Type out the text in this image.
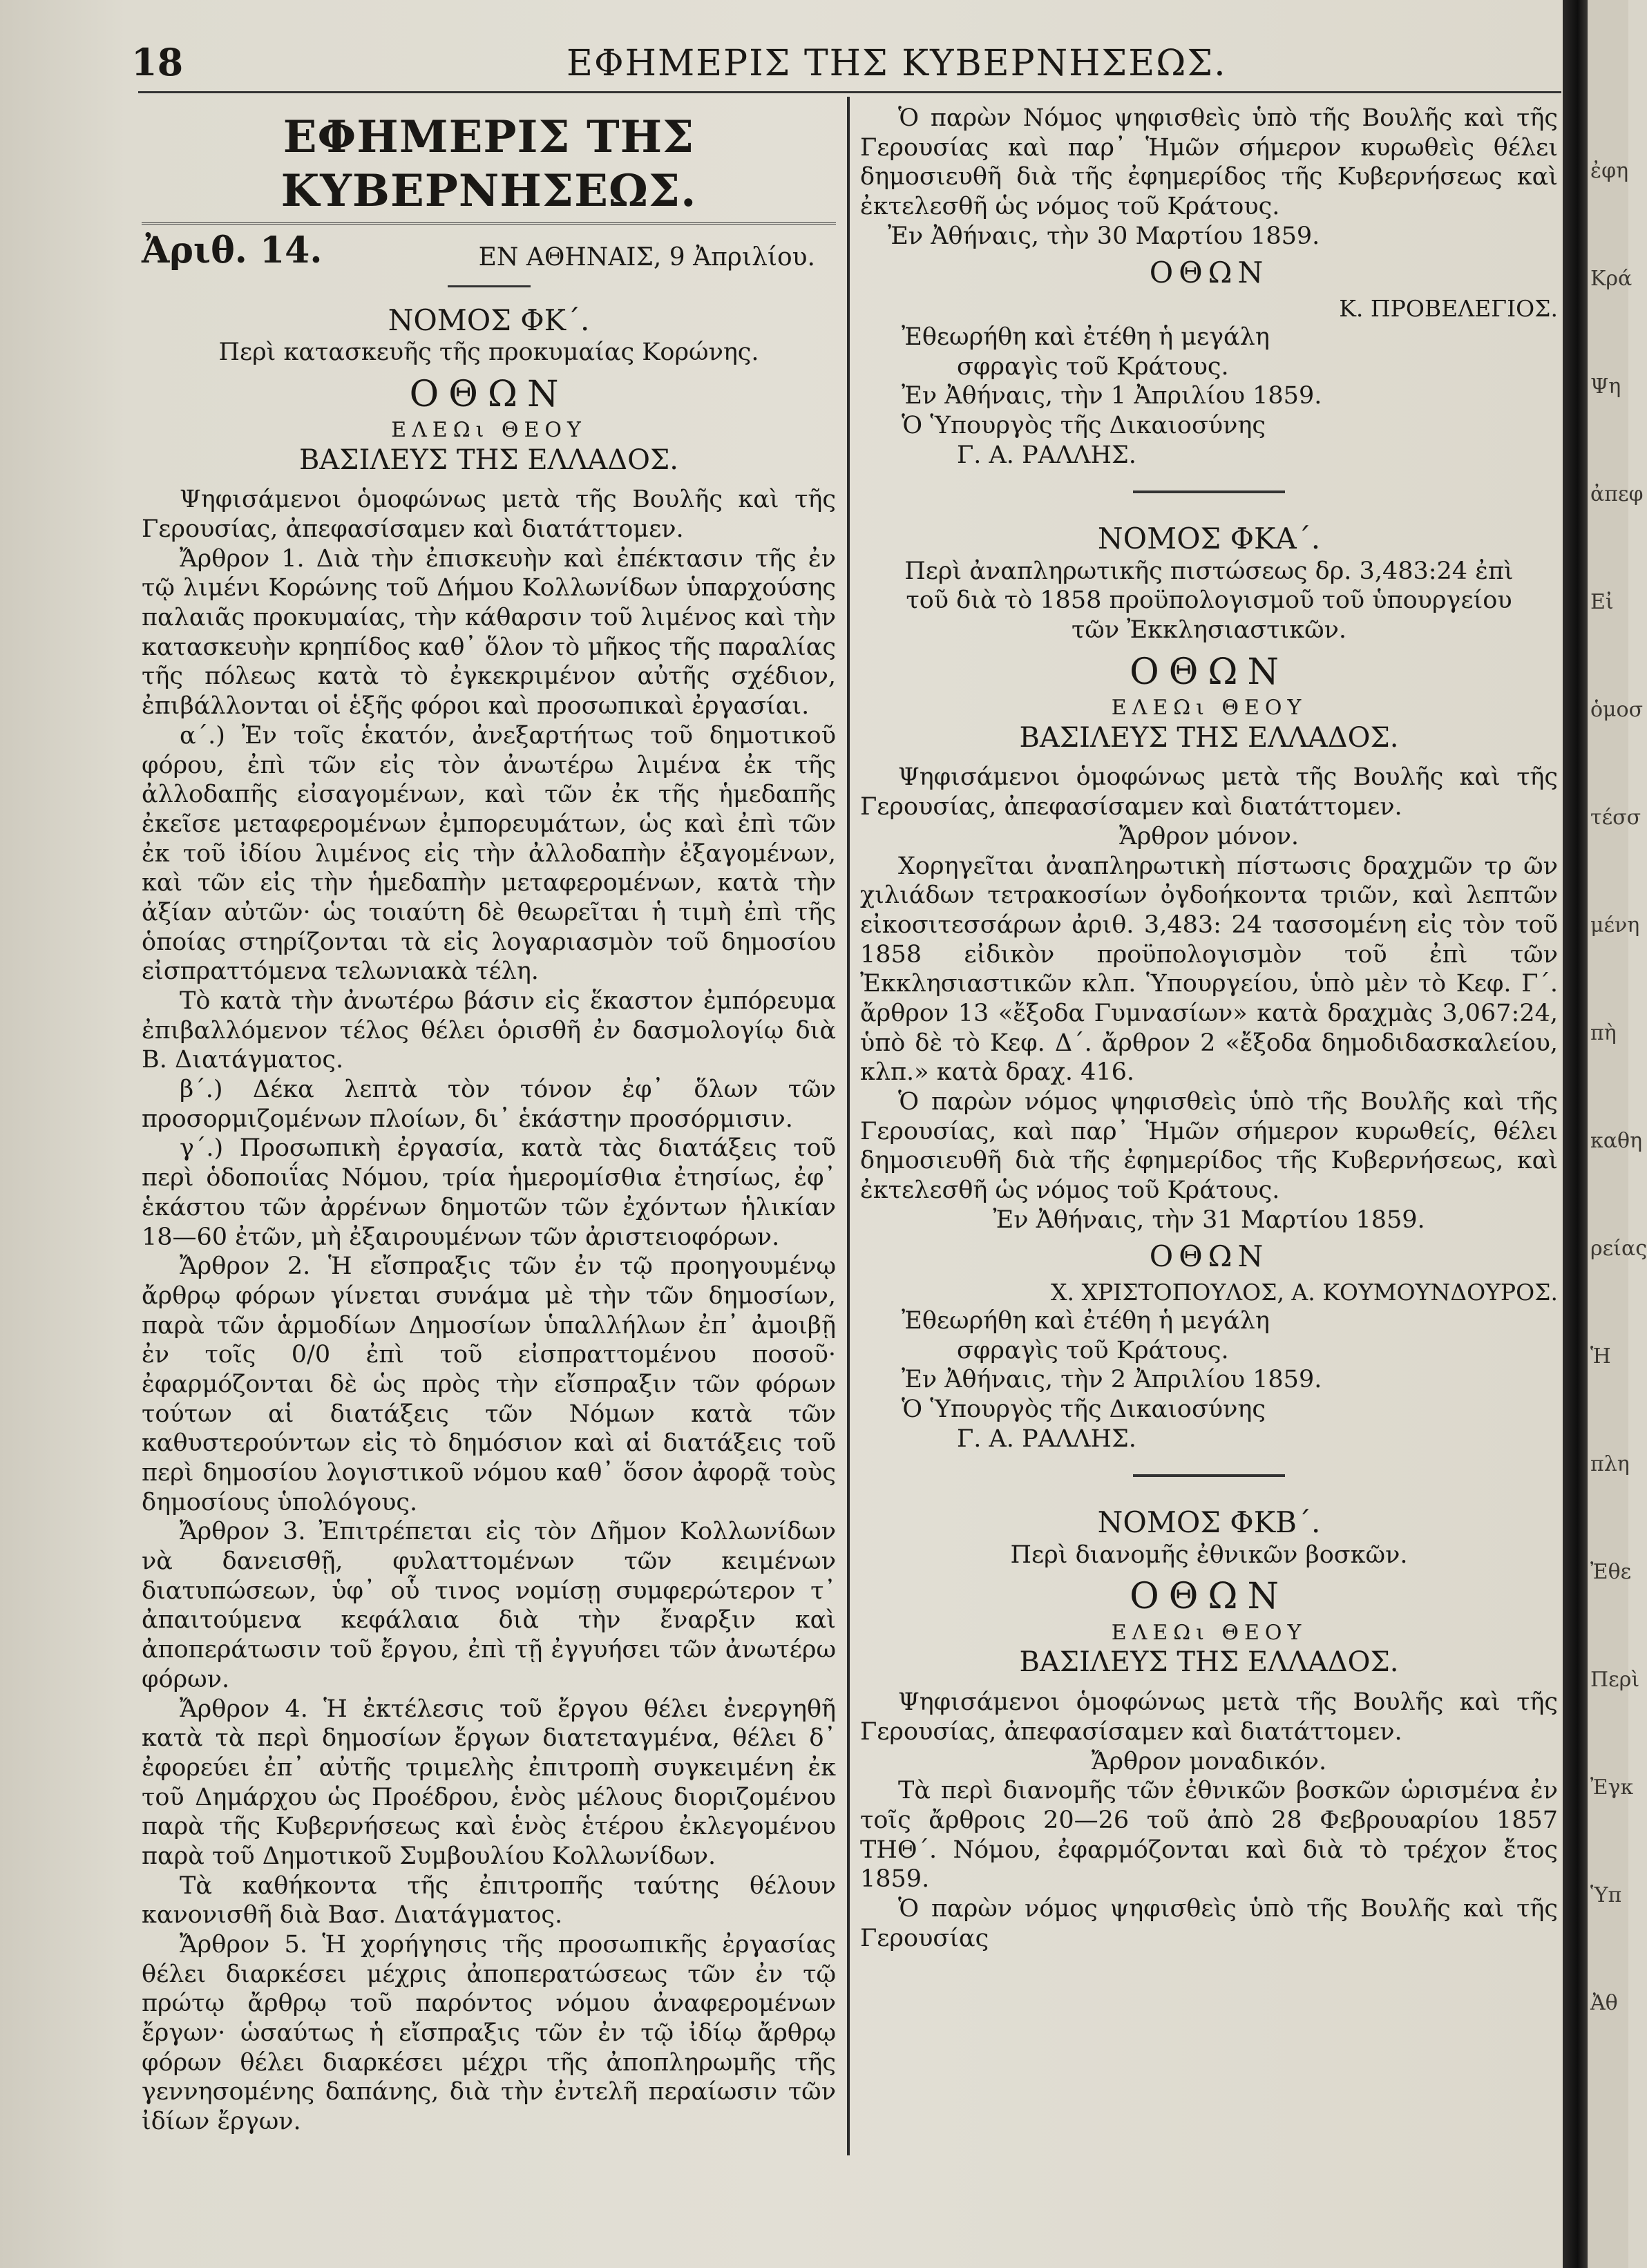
ἐφη
Κρά
Ψη
ἀπεφ
Εἰ
ὁμοσ
τέσσ
μένη
πὴ
καθη
ρείας
Ἡ
πλη
Ἐθε
Περὶ
Ἐγκ
Ὑπ
Ἀθ
18	ΕΦΗΜΕΡΙΣ ΤΗΣ ΚΥΒΕΡΝΗΣΕΩΣ.
ΕΦΗΜΕΡΙΣ ΤΗΣ ΚΥΒΕΡΝΗΣΕΩΣ.
Ἀριθ. 14.	ΕΝ ΑΘΗΝΑΙΣ, 9 Ἀπριλίου.
ΝΟΜΟΣ ΦΚ΄.
Περὶ κατασκευῆς τῆς προκυμαίας Κορώνης.
ΟΘΩΝ
ΕΛΕΩι ΘΕΟΥ
ΒΑΣΙΛΕΥΣ ΤΗΣ ΕΛΛΑΔΟΣ.

Ψηφισάμενοι ὁμοφώνως μετὰ τῆς Βουλῆς καὶ τῆς Γερουσίας, ἀπεφασίσαμεν καὶ διατάττομεν.

Ἄρθρον 1. Διὰ τὴν ἐπισκευὴν καὶ ἐπέκτασιν τῆς ἐν τῷ λιμένι Κορώνης τοῦ Δήμου Κολλωνίδων ὑπαρχούσης παλαιᾶς προκυμαίας, τὴν κάθαρσιν τοῦ λιμένος καὶ τὴν κατασκευὴν κρηπίδος καθ᾽ ὅλον τὸ μῆκος τῆς παραλίας τῆς πόλεως κατὰ τὸ ἐγκεκριμένον αὐτῆς σχέδιον, ἐπιβάλλονται οἱ ἑξῆς φόροι καὶ προσωπικαὶ ἐργασίαι.

α΄.) Ἐν τοῖς ἑκατόν, ἀνεξαρτήτως τοῦ δημοτικοῦ φόρου, ἐπὶ τῶν εἰς τὸν ἀνωτέρω λιμένα ἐκ τῆς ἀλλοδαπῆς εἰσαγομένων, καὶ τῶν ἐκ τῆς ἡμεδαπῆς ἐκεῖσε μεταφερομένων ἐμπορευμάτων, ὡς καὶ ἐπὶ τῶν ἐκ τοῦ ἰδίου λιμένος εἰς τὴν ἀλλοδαπὴν ἐξαγομένων, καὶ τῶν εἰς τὴν ἡμεδαπὴν μεταφερομένων, κατὰ τὴν ἀξίαν αὐτῶν· ὡς τοιαύτη δὲ θεωρεῖται ἡ τιμὴ ἐπὶ τῆς ὁποίας στηρίζονται τὰ εἰς λογαριασμὸν τοῦ δημοσίου εἰσπραττόμενα τελωνιακὰ τέλη.

Τὸ κατὰ τὴν ἀνωτέρω βάσιν εἰς ἕκαστον ἐμπόρευμα ἐπιβαλλόμενον τέλος θέλει ὁρισθῆ ἐν δασμολογίῳ διὰ Β. Διατάγματος.

β΄.) Δέκα λεπτὰ τὸν τόνον ἐφ᾽ ὅλων τῶν προσορμιζομένων πλοίων, δι᾽ ἑκάστην προσόρμισιν.

γ΄.) Προσωπικὴ ἐργασία, κατὰ τὰς διατάξεις τοῦ περὶ ὁδοποιΐας Νόμου, τρία ἡμερομίσθια ἐτησίως, ἐφ᾽ ἑκάστου τῶν ἀρρένων δημοτῶν τῶν ἐχόντων ἡλικίαν 18—60 ἐτῶν, μὴ ἐξαιρουμένων τῶν ἀριστειοφόρων.

Ἄρθρον 2. Ἡ εἴσπραξις τῶν ἐν τῷ προηγουμένῳ ἄρθρῳ φόρων γίνεται συνάμα μὲ τὴν τῶν δημοσίων, παρὰ τῶν ἁρμοδίων Δημοσίων ὑπαλλήλων ἐπ᾽ ἀμοιβῇ ἐν τοῖς 0/0 ἐπὶ τοῦ εἰσπραττομένου ποσοῦ· ἐφαρμόζονται δὲ ὡς πρὸς τὴν εἴσπραξιν τῶν φόρων τούτων αἱ διατάξεις τῶν Νόμων κατὰ τῶν καθυστερούντων εἰς τὸ δημόσιον καὶ αἱ διατάξεις τοῦ περὶ δημοσίου λογιστικοῦ νόμου καθ᾽ ὅσον ἀφορᾷ τοὺς δημοσίους ὑπολόγους.

Ἄρθρον 3. Ἐπιτρέπεται εἰς τὸν Δῆμον Κολλωνίδων νὰ δανεισθῇ, φυλαττομένων τῶν κειμένων διατυπώσεων, ὑφ᾽ οὗ τινος νομίσῃ συμφερώτερον τ᾽ ἀπαιτούμενα κεφάλαια διὰ τὴν ἔναρξιν καὶ ἀποπεράτωσιν τοῦ ἔργου, ἐπὶ τῇ ἐγγυήσει τῶν ἀνωτέρω φόρων.

Ἄρθρον 4. Ἡ ἐκτέλεσις τοῦ ἔργου θέλει ἐνεργηθῆ κατὰ τὰ περὶ δημοσίων ἔργων διατεταγμένα, θέλει δ᾽ ἐφορεύει ἐπ᾽ αὐτῆς τριμελὴς ἐπιτροπὴ συγκειμένη ἐκ τοῦ Δημάρχου ὡς Προέδρου, ἑνὸς μέλους διοριζομένου παρὰ τῆς Κυβερνήσεως καὶ ἑνὸς ἑτέρου ἐκλεγομένου παρὰ τοῦ Δημοτικοῦ Συμβουλίου Κολλωνίδων.

Τὰ καθήκοντα τῆς ἐπιτροπῆς ταύτης θέλουν κανονισθῆ διὰ Βασ. Διατάγματος.

Ἄρθρον 5. Ἡ χορήγησις τῆς προσωπικῆς ἐργασίας θέλει διαρκέσει μέχρις ἀποπερατώσεως τῶν ἐν τῷ πρώτῳ ἄρθρῳ τοῦ παρόντος νόμου ἀναφερομένων ἔργων· ὡσαύτως ἡ εἴσπραξις τῶν ἐν τῷ ἰδίῳ ἄρθρῳ φόρων θέλει διαρκέσει μέχρι τῆς ἀποπληρωμῆς τῆς γεννησομένης δαπάνης, διὰ τὴν ἐντελῆ περαίωσιν τῶν ἰδίων ἔργων.

Ὁ παρὼν Νόμος ψηφισθεὶς ὑπὸ τῆς Βουλῆς καὶ τῆς Γερουσίας καὶ παρ᾽ Ἡμῶν σήμερον κυρωθεὶς θέλει δημοσιευθῆ διὰ τῆς ἐφημερίδος τῆς Κυβερνήσεως καὶ ἐκτελεσθῆ ὡς νόμος τοῦ Κράτους.

Ἐν Ἀθήναις, τὴν 30 Μαρτίου 1859.
ΟΘΩΝ
Κ. ΠΡΟΒΕΛΕΓΙΟΣ.
Ἐθεωρήθη καὶ ἐτέθη ἡ μεγάλη
σφραγὶς τοῦ Κράτους.
Ἐν Ἀθήναις, τὴν 1 Ἀπριλίου 1859.
Ὁ Ὑπουργὸς τῆς Δικαιοσύνης
Γ. Α. ΡΑΛΛΗΣ.
ΝΟΜΟΣ ΦΚΑ΄.
Περὶ ἀναπληρωτικῆς πιστώσεως δρ. 3,483:24 ἐπὶ τοῦ διὰ τὸ 1858 προϋπολογισμοῦ τοῦ ὑπουργείου τῶν Ἐκκλησιαστικῶν.
ΟΘΩΝ
ΕΛΕΩι ΘΕΟΥ
ΒΑΣΙΛΕΥΣ ΤΗΣ ΕΛΛΑΔΟΣ.

Ψηφισάμενοι ὁμοφώνως μετὰ τῆς Βουλῆς καὶ τῆς Γερουσίας, ἀπεφασίσαμεν καὶ διατάττομεν.

Ἄρθρον μόνον.

Χορηγεῖται ἀναπληρωτικὴ πίστωσις δραχμῶν τρ ῶν χιλιάδων τετρακοσίων ὀγδοήκοντα τριῶν, καὶ λεπτῶν εἰκοσιτεσσάρων ἀριθ. 3,483: 24 τασσομένη εἰς τὸν τοῦ 1858 εἰδικὸν προϋπολογισμὸν τοῦ ἐπὶ τῶν Ἐκκλησιαστικῶν κλπ. Ὑπουργείου, ὑπὸ μὲν τὸ Κεφ. Γ΄. ἄρθρον 13 «ἔξοδα Γυμνασίων» κατὰ δραχμὰς 3,067:24, ὑπὸ δὲ τὸ Κεφ. Δ΄. ἄρθρον 2 «ἔξοδα δημοδιδασκαλείου, κλπ.» κατὰ δραχ. 416.

Ὁ παρὼν νόμος ψηφισθεὶς ὑπὸ τῆς Βουλῆς καὶ τῆς Γερουσίας, καὶ παρ᾽ Ἡμῶν σήμερον κυρωθείς, θέλει δημοσιευθῆ διὰ τῆς ἐφημερίδος τῆς Κυβερνήσεως, καὶ ἐκτελεσθῆ ὡς νόμος τοῦ Κράτους.

Ἐν Ἀθήναις, τὴν 31 Μαρτίου 1859.
ΟΘΩΝ
Χ. ΧΡΙΣΤΟΠΟΥΛΟΣ, Α. ΚΟΥΜΟΥΝΔΟΥΡΟΣ.
Ἐθεωρήθη καὶ ἐτέθη ἡ μεγάλη
σφραγὶς τοῦ Κράτους.
Ἐν Ἀθήναις, τὴν 2 Ἀπριλίου 1859.
Ὁ Ὑπουργὸς τῆς Δικαιοσύνης
Γ. Α. ΡΑΛΛΗΣ.
ΝΟΜΟΣ ΦΚΒ΄.
Περὶ διανομῆς ἐθνικῶν βοσκῶν.
ΟΘΩΝ
ΕΛΕΩι ΘΕΟΥ
ΒΑΣΙΛΕΥΣ ΤΗΣ ΕΛΛΑΔΟΣ.

Ψηφισάμενοι ὁμοφώνως μετὰ τῆς Βουλῆς καὶ τῆς Γερουσίας, ἀπεφασίσαμεν καὶ διατάττομεν.

Ἄρθρον μοναδικόν.

Τὰ περὶ διανομῆς τῶν ἐθνικῶν βοσκῶν ὡρισμένα ἐν τοῖς ἄρθροις 20—26 τοῦ ἀπὸ 28 Φεβρουαρίου 1857 ΤΗΘ΄. Νόμου, ἐφαρμόζονται καὶ διὰ τὸ τρέχον ἔτος 1859.

Ὁ παρὼν νόμος ψηφισθεὶς ὑπὸ τῆς Βουλῆς καὶ τῆς Γερουσίας
